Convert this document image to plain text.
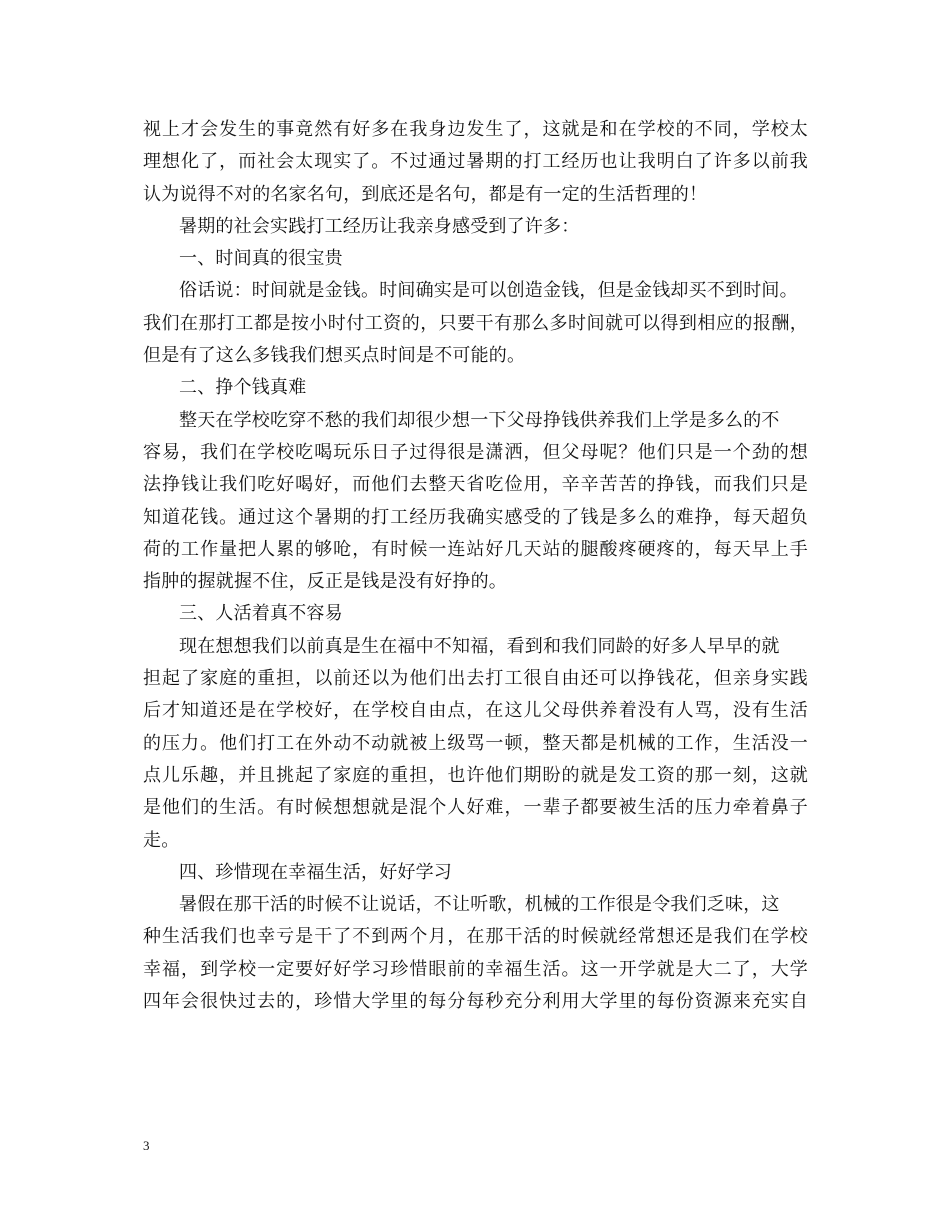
视上才会发生的事竟然有好多在我身边发生了，这就是和在学校的不同，学校太
理想化了，而社会太现实了。不过通过暑期的打工经历也让我明白了许多以前我
认为说得不对的名家名句，到底还是名句，都是有一定的生活哲理的！
暑期的社会实践打工经历让我亲身感受到了许多：
一、时间真的很宝贵
俗话说：时间就是金钱。时间确实是可以创造金钱，但是金钱却买不到时间。
我们在那打工都是按小时付工资的，只要干有那么多时间就可以得到相应的报酬，
但是有了这么多钱我们想买点时间是不可能的。
二、挣个钱真难
整天在学校吃穿不愁的我们却很少想一下父母挣钱供养我们上学是多么的不
容易，我们在学校吃喝玩乐日子过得很是潇洒，但父母呢？他们只是一个劲的想
法挣钱让我们吃好喝好，而他们去整天省吃俭用，辛辛苦苦的挣钱，而我们只是
知道花钱。通过这个暑期的打工经历我确实感受的了钱是多么的难挣，每天超负
荷的工作量把人累的够呛，有时候一连站好几天站的腿酸疼硬疼的，每天早上手
指肿的握就握不住，反正是钱是没有好挣的。
三、人活着真不容易
现在想想我们以前真是生在福中不知福，看到和我们同龄的好多人早早的就
担起了家庭的重担，以前还以为他们出去打工很自由还可以挣钱花，但亲身实践
后才知道还是在学校好，在学校自由点，在这儿父母供养着没有人骂，没有生活
的压力。他们打工在外动不动就被上级骂一顿，整天都是机械的工作，生活没一
点儿乐趣，并且挑起了家庭的重担，也许他们期盼的就是发工资的那一刻，这就
是他们的生活。有时候想想就是混个人好难，一辈子都要被生活的压力牵着鼻子
走。
四、珍惜现在幸福生活，好好学习
暑假在那干活的时候不让说话，不让听歌，机械的工作很是令我们乏味，这
种生活我们也幸亏是干了不到两个月，在那干活的时候就经常想还是我们在学校
幸福，到学校一定要好好学习珍惜眼前的幸福生活。这一开学就是大二了，大学
四年会很快过去的，珍惜大学里的每分每秒充分利用大学里的每份资源来充实自
3
